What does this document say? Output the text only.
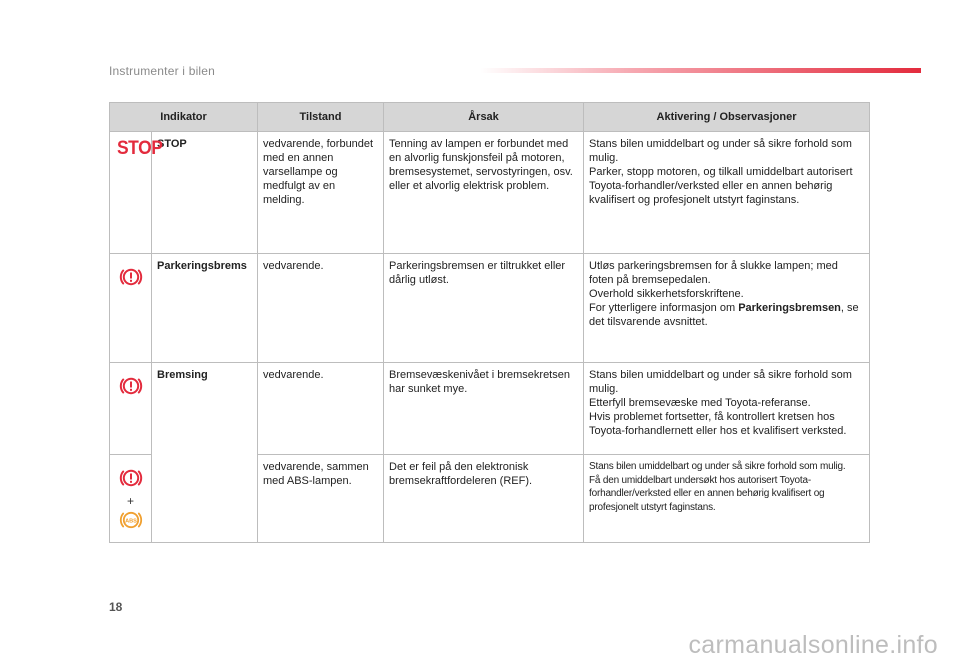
Instrumenter i bilen
Indikator		Tilstand	Årsak	Aktivering / Observasjoner
STOP	STOP	vedvarende, forbundet med en annen varsellampe og medfulgt av en melding.	Tenning av lampen er forbundet med en alvorlig funskjonsfeil på motoren, bremsesystemet, servostyringen, osv. eller et alvorlig elektrisk problem.	Stans bilen umiddelbart og under så sikre forhold som mulig.
Parker, stopp motoren, og tilkall umiddelbart autorisert Toyota-forhandler/verksted eller en annen behørig kvalifisert og profesjonelt utstyrt faginstans.
	Parkeringsbrems	vedvarende.	Parkeringsbremsen er tiltrukket eller dårlig utløst.	Utløs parkeringsbremsen for å slukke lampen; med foten på bremsepedalen.
Overhold sikkerhetsforskriftene.
For ytterligere informasjon om Parkeringsbremsen, se det tilsvarende avsnittet.
	Bremsing	vedvarende.	Bremsevæskenivået i bremsekretsen har sunket mye.	Stans bilen umiddelbart og under så sikre forhold som mulig.
Etterfyll bremsevæske med Toyota-referanse.
Hvis problemet fortsetter, få kontrollert kretsen hos Toyota-forhandlernett eller hos et kvalifisert verksted.

+
ABS		vedvarende, sammen med ABS-lampen.	Det er feil på den elektronisk bremsekraftfordeleren (REF).	Stans bilen umiddelbart og under så sikre forhold som mulig.
Få den umiddelbart undersøkt hos autorisert Toyota-forhandler/verksted eller en annen behørig kvalifisert og profesjonelt utstyrt faginstans.
18
carmanualsonline.info
